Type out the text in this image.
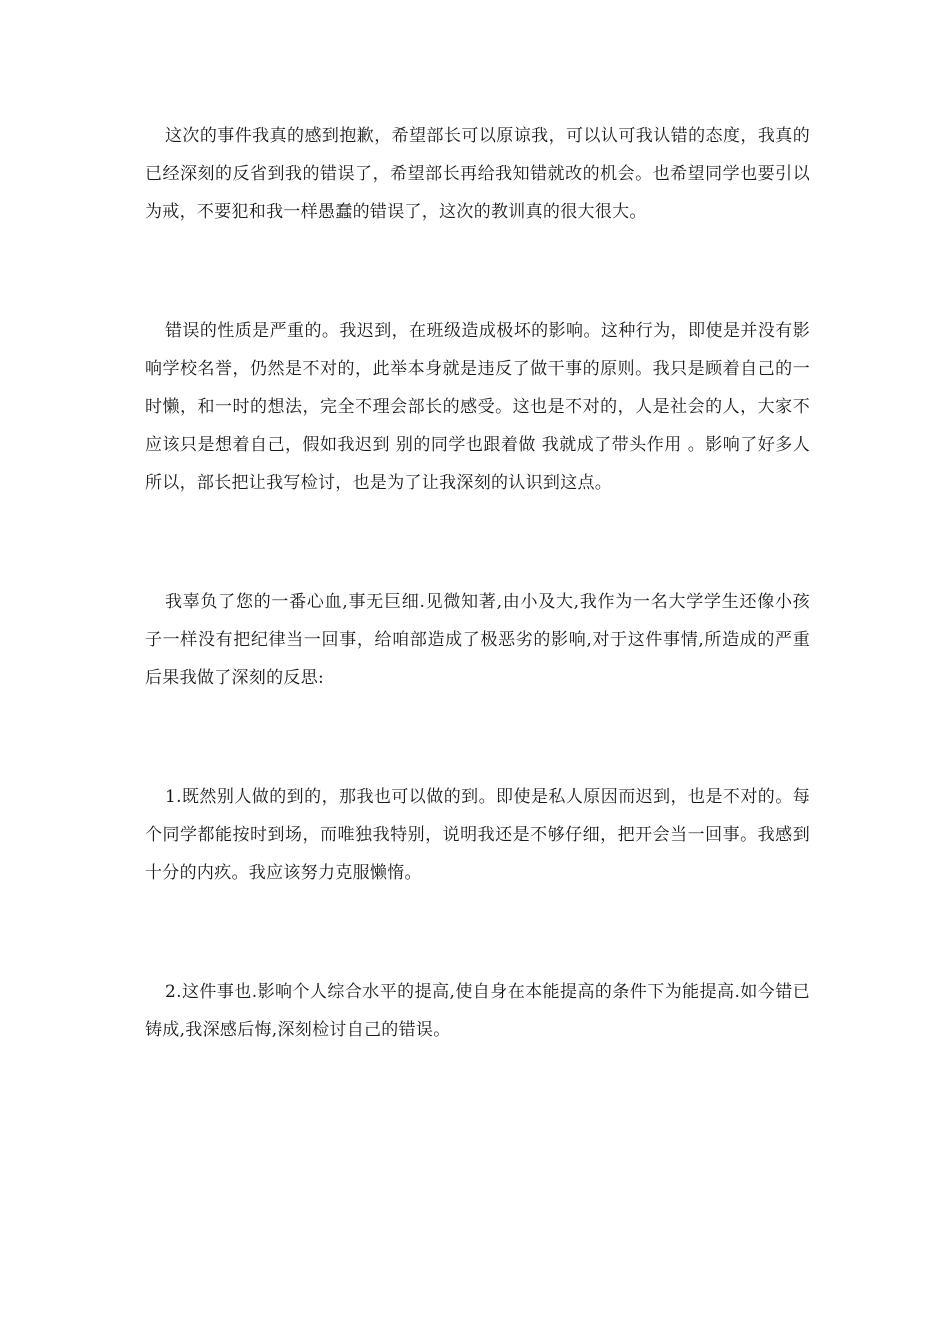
这次的事件我真的感到抱歉，希望部长可以原谅我，可以认可我认错的态度，我真的已经深刻的反省到我的错误了，希望部长再给我知错就改的机会。也希望同学也要引以为戒，不要犯和我一样愚蠢的错误了，这次的教训真的很大很大。

错误的性质是严重的。我迟到，在班级造成极坏的影响。这种行为，即使是并没有影响学校名誉，仍然是不对的，此举本身就是违反了做干事的原则。我只是顾着自己的一时懒，和一时的想法，完全不理会部长的感受。这也是不对的，人是社会的人，大家不应该只是想着自己，假如我迟到 别的同学也跟着做 我就成了带头作用 。影响了好多人 所以，部长把让我写检讨，也是为了让我深刻的认识到这点。

我辜负了您的一番心血,事无巨细.见微知著,由小及大,我作为一名大学学生还像小孩子一样没有把纪律当一回事，给咱部造成了极恶劣的影响,对于这件事情,所造成的严重后果我做了深刻的反思:

1.既然别人做的到的，那我也可以做的到。即使是私人原因而迟到，也是不对的。每个同学都能按时到场，而唯独我特别，说明我还是不够仔细，把开会当一回事。我感到十分的内疚。我应该努力克服懒惰。

2.这件事也.影响个人综合水平的提高,使自身在本能提高的条件下为能提高.如今错已铸成,我深感后悔,深刻检讨自己的错误。
